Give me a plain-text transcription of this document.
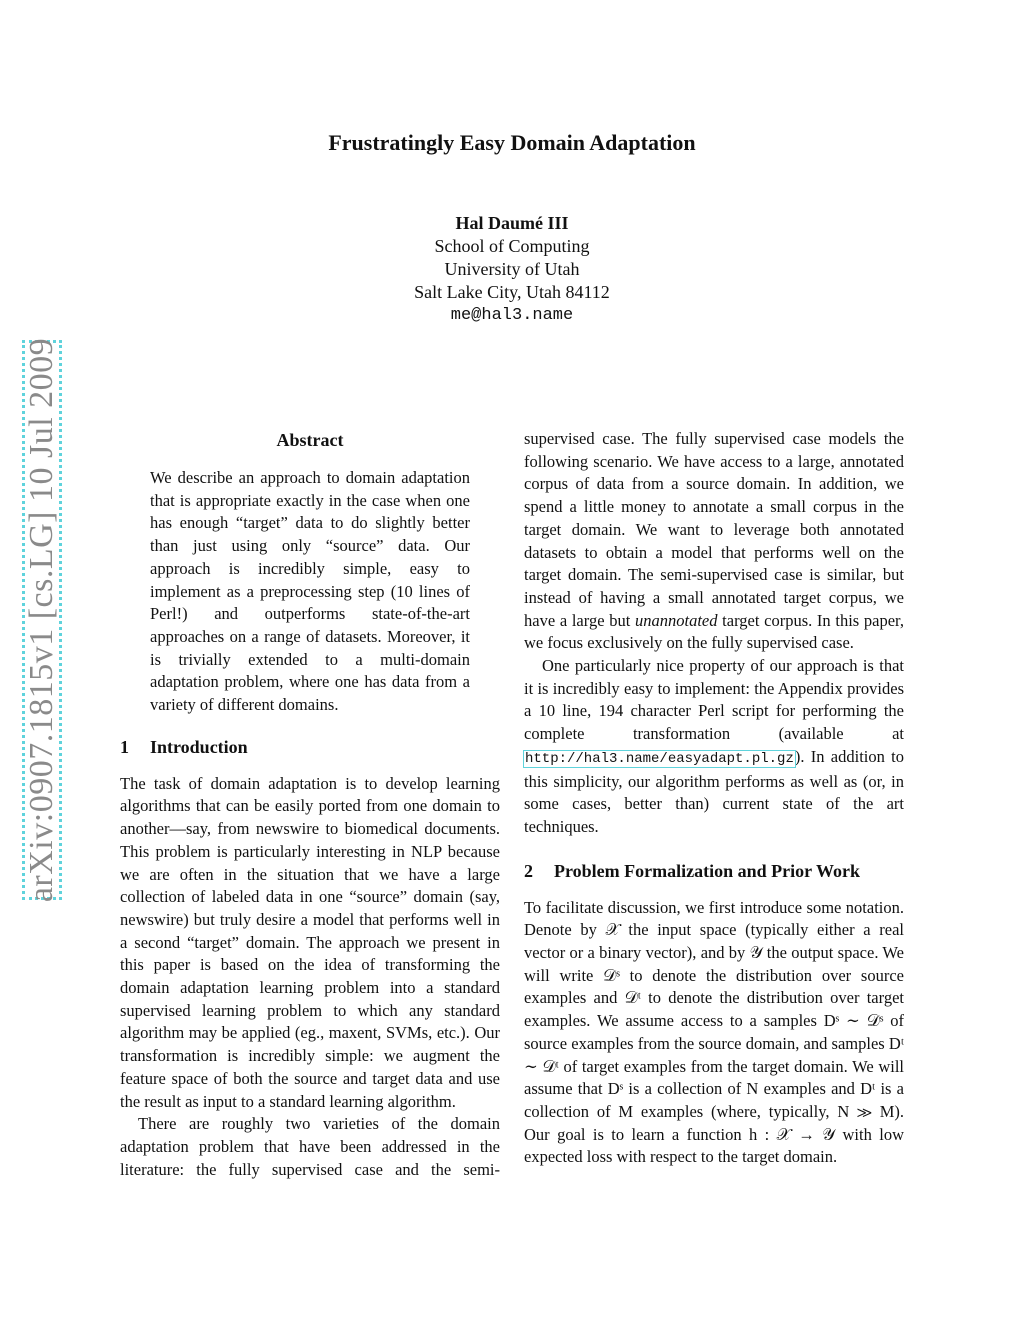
arXiv:0907.1815v1 [cs.LG] 10 Jul 2009
Frustratingly Easy Domain Adaptation
Hal Daumé III
School of Computing
University of Utah
Salt Lake City, Utah 84112
me@hal3.name
Abstract
We describe an approach to domain adaptation that is appropriate exactly in the case when one has enough “target” data to do slightly better than just using only “source” data. Our approach is incredibly simple, easy to implement as a preprocessing step (10 lines of Perl!) and outperforms state-of-the-art approaches on a range of datasets. Moreover, it is trivially extended to a multi-domain adaptation problem, where one has data from a variety of different domains.
1 Introduction

The task of domain adaptation is to develop learning algorithms that can be easily ported from one domain to another—say, from newswire to biomedical documents. This problem is particularly interesting in NLP because we are often in the situation that we have a large collection of labeled data in one “source” domain (say, newswire) but truly desire a model that performs well in a second “target” domain. The approach we present in this paper is based on the idea of transforming the domain adaptation learning problem into a standard supervised learning problem to which any standard algorithm may be applied (eg., maxent, SVMs, etc.). Our transformation is incredibly simple: we augment the feature space of both the source and target data and use the result as input to a standard learning algorithm.

There are roughly two varieties of the domain adaptation problem that have been addressed in the literature: the fully supervised case and the semi-

supervised case. The fully supervised case models the following scenario. We have access to a large, annotated corpus of data from a source domain. In addition, we spend a little money to annotate a small corpus in the target domain. We want to leverage both annotated datasets to obtain a model that performs well on the target domain. The semi-supervised case is similar, but instead of having a small annotated target corpus, we have a large but unannotated target corpus. In this paper, we focus exclusively on the fully supervised case.

One particularly nice property of our approach is that it is incredibly easy to implement: the Appendix provides a 10 line, 194 character Perl script for performing the complete transformation (available at http://hal3.name/easyadapt.pl.gz). In addition to this simplicity, our algorithm performs as well as (or, in some cases, better than) current state of the art techniques.

2 Problem Formalization and Prior Work

To facilitate discussion, we first introduce some notation. Denote by 𝒳 the input space (typically either a real vector or a binary vector), and by 𝒴 the output space. We will write 𝒟ˢ to denote the distribution over source examples and 𝒟ᵗ to denote the distribution over target examples. We assume access to a samples Dˢ ∼ 𝒟ˢ of source examples from the source domain, and samples Dᵗ ∼ 𝒟ᵗ of target examples from the target domain. We will assume that Dˢ is a collection of N examples and Dᵗ is a collection of M examples (where, typically, N ≫ M). Our goal is to learn a function h : 𝒳 → 𝒴 with low expected loss with respect to the target domain.
